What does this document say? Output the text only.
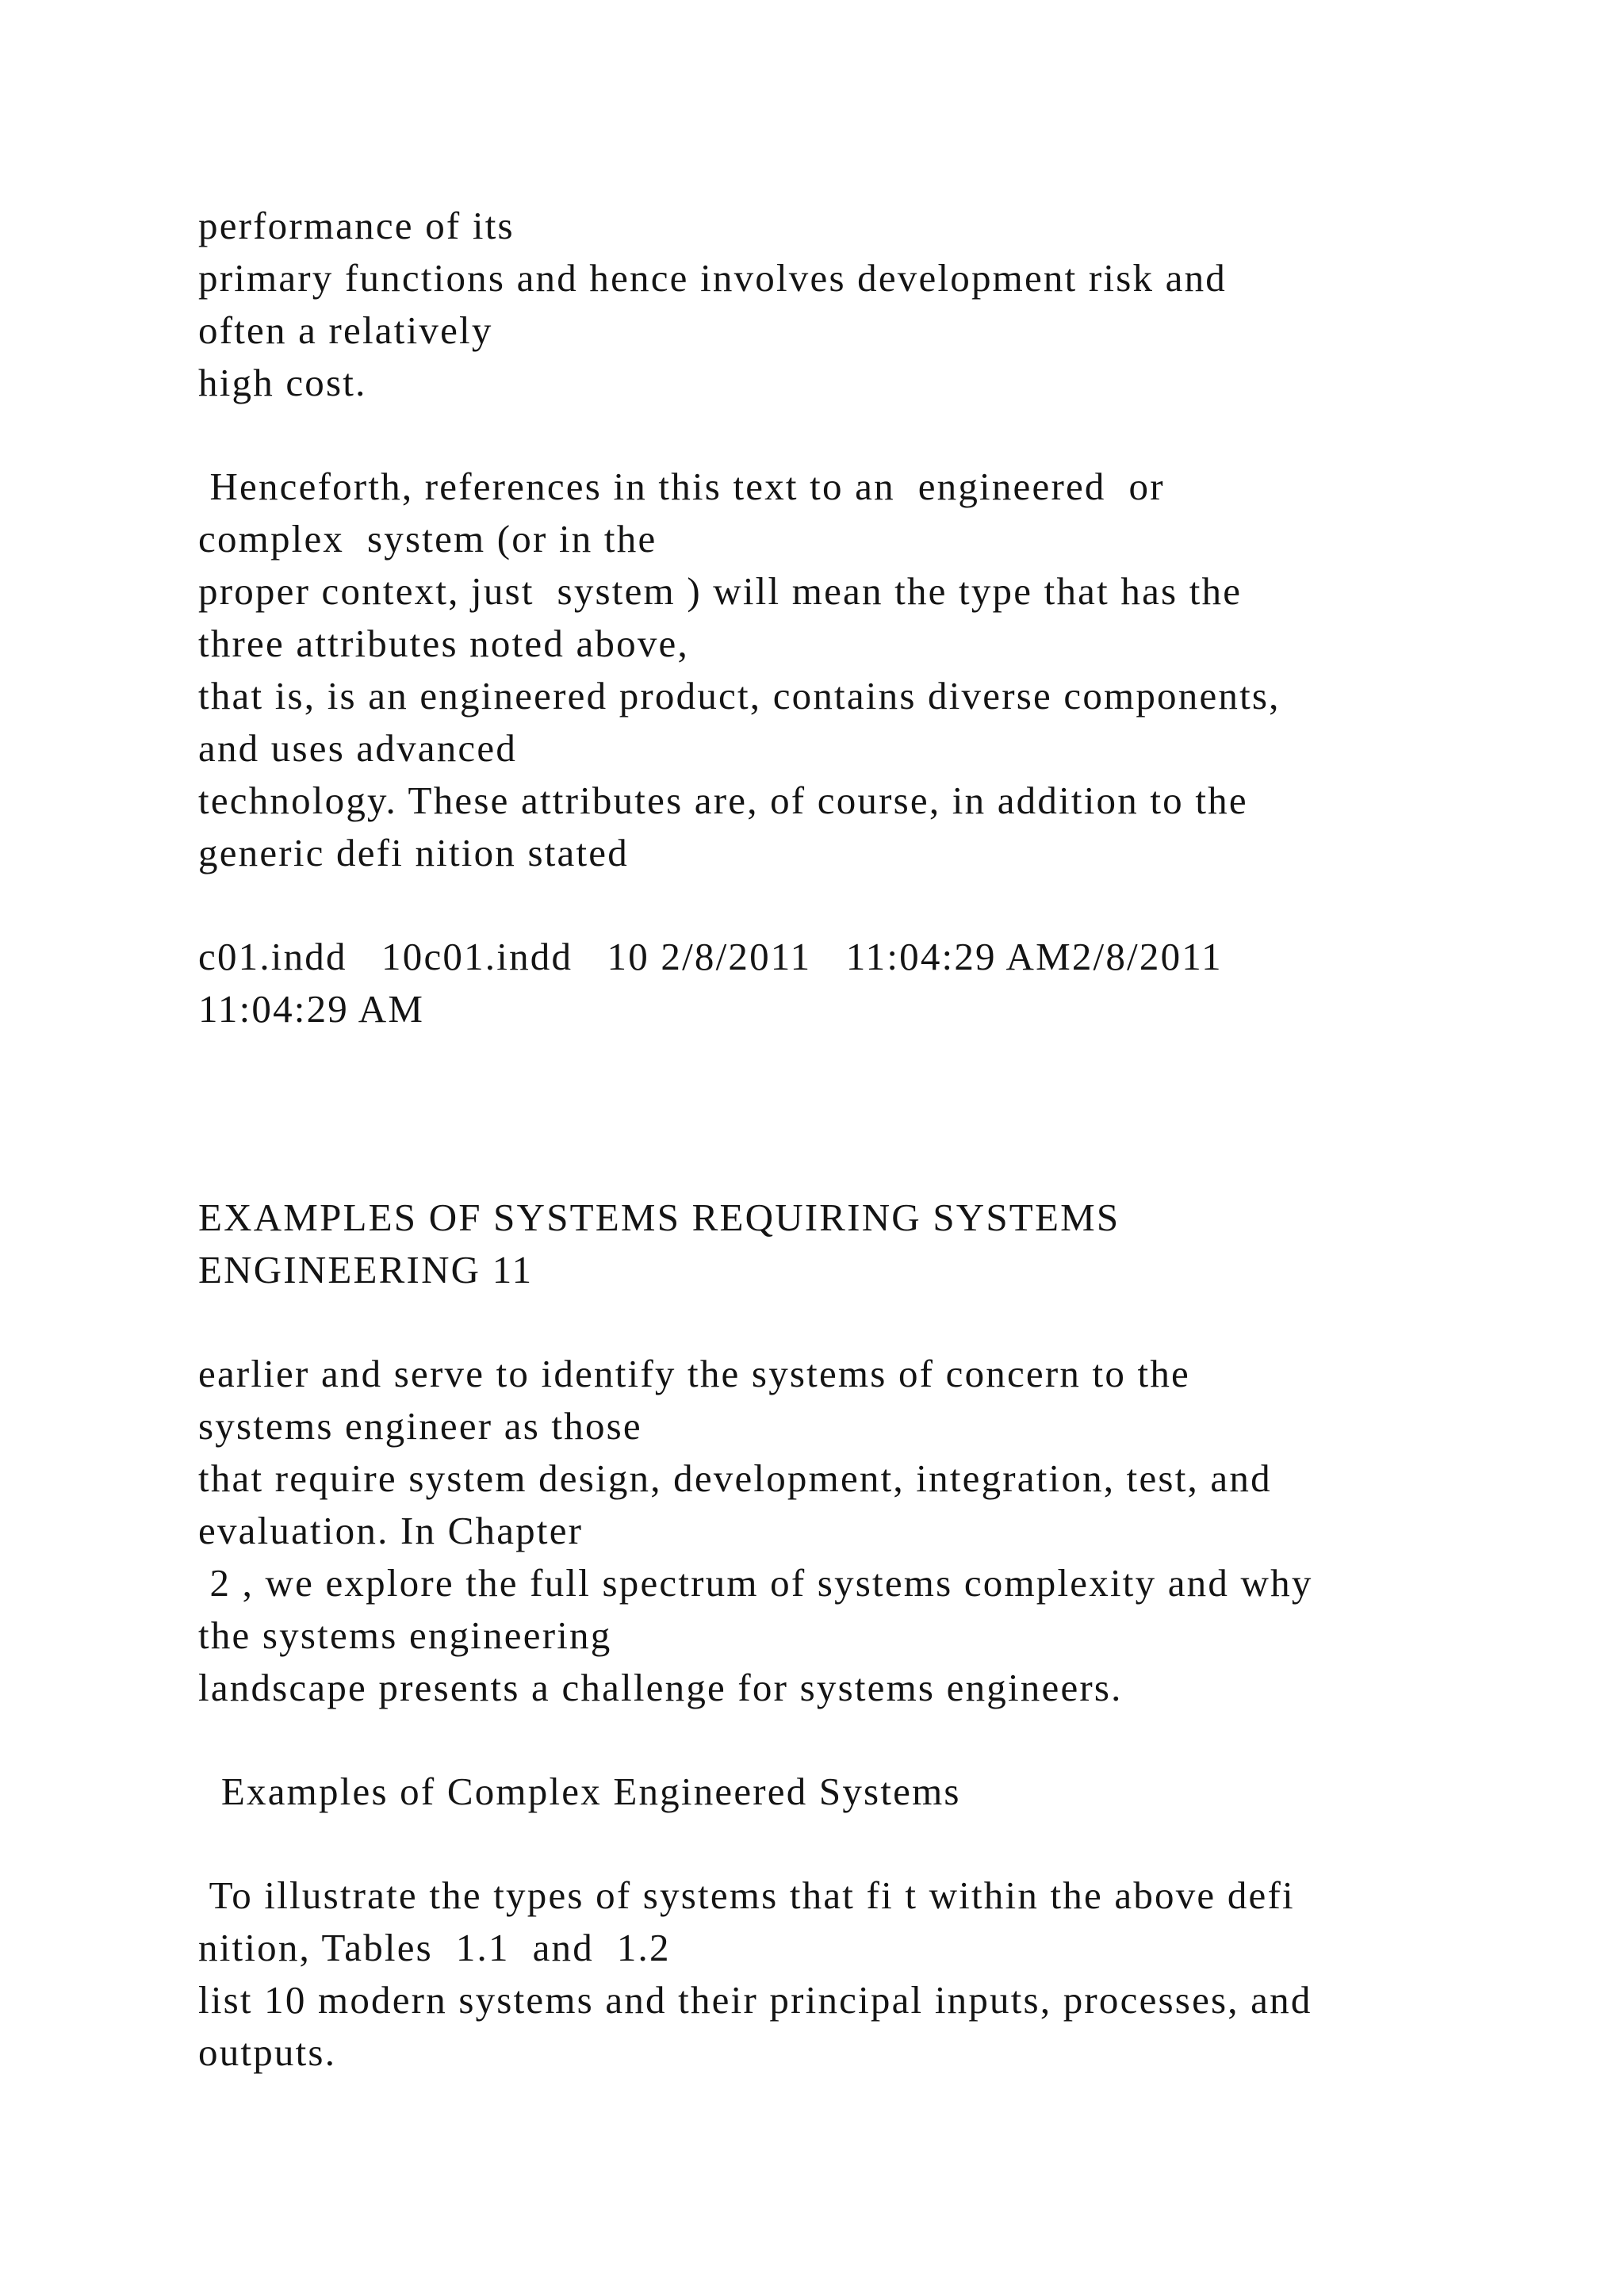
performance of its

primary functions and hence involves development risk and

often a relatively

high cost.

Henceforth, references in this text to an  engineered  or

complex  system (or in the

proper context, just  system ) will mean the type that has the

three attributes noted above,

that is, is an engineered product, contains diverse components,

and uses advanced

technology. These attributes are, of course, in addition to the

generic defi nition stated

c01.indd   10c01.indd   10 2/8/2011   11:04:29 AM2/8/2011

11:04:29 AM

EXAMPLES OF SYSTEMS REQUIRING SYSTEMS

ENGINEERING 11

earlier and serve to identify the systems of concern to the

systems engineer as those

that require system design, development, integration, test, and

evaluation. In Chapter

2 , we explore the full spectrum of systems complexity and why

the systems engineering

landscape presents a challenge for systems engineers.

Examples of Complex Engineered Systems

To illustrate the types of systems that fi t within the above defi

nition, Tables  1.1  and  1.2

list 10 modern systems and their principal inputs, processes, and

outputs.
